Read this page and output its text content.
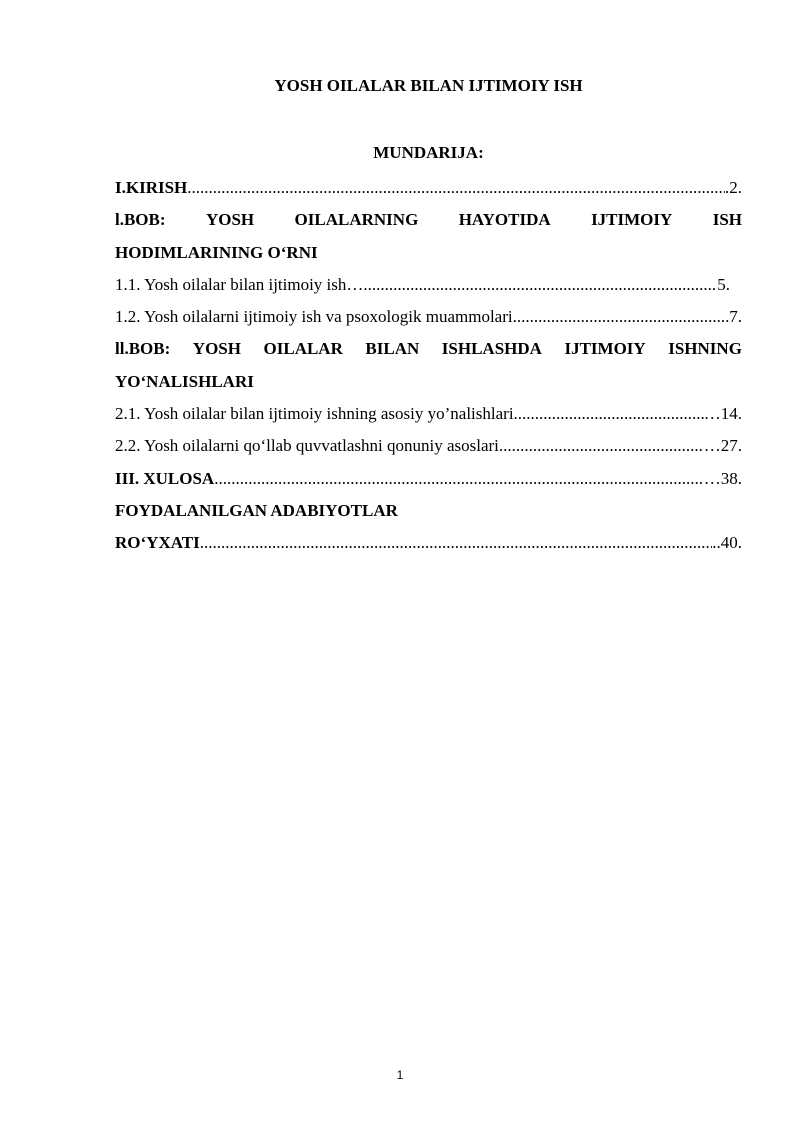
YOSH OILALAR BILAN IJTIMOIY ISH
MUNDARIJA:
I.KIRISH .....	.2.
l.BOB: YOSH OILALARNING HAYOTIDA IJTIMOIY ISH
HODIMLARINING O‘RNI
1.1. Yosh oilalar bilan ijtimoiy ish… .....	5.
1.2. Yosh oilalarni ijtimoiy ish va psoxologik muammolari .....	7.
ll.BOB: YOSH OILALAR BILAN ISHLASHDA IJTIMOIY ISHNING
YO‘NALISHLARI
2.1. Yosh oilalar bilan ijtimoiy ishning asosiy yo’nalishlari .....	…14.
2.2. Yosh oilalarni qo‘llab quvvatlashni qonuniy asoslari .....	…27.
III. XULOSA .....	…38.
FOYDALANILGAN ADABIYOTLAR
RO‘YXATI .....	..40.
1
